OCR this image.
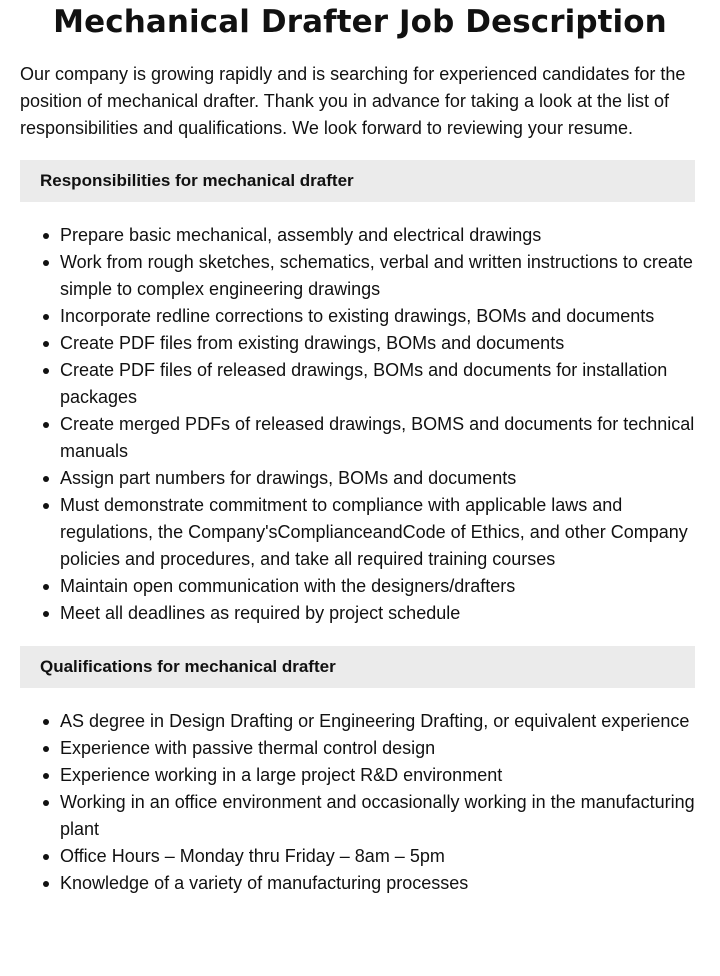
Mechanical Drafter Job Description

Our company is growing rapidly and is searching for experienced candidates for the position of mechanical drafter. Thank you in advance for taking a look at the list of responsibilities and qualifications. We look forward to reviewing your resume.

Responsibilities for mechanical drafter
Prepare basic mechanical, assembly and electrical drawings
Work from rough sketches, schematics, verbal and written instructions to create simple to complex engineering drawings
Incorporate redline corrections to existing drawings, BOMs and documents
Create PDF files from existing drawings, BOMs and documents
Create PDF files of released drawings, BOMs and documents for installation packages
Create merged PDFs of released drawings, BOMS and documents for technical manuals
Assign part numbers for drawings, BOMs and documents
Must demonstrate commitment to compliance with applicable laws and regulations, the Company'sComplianceandCode of Ethics, and other Company policies and procedures, and take all required training courses
Maintain open communication with the designers/drafters
Meet all deadlines as required by project schedule
Qualifications for mechanical drafter
AS degree in Design Drafting or Engineering Drafting, or equivalent experience
Experience with passive thermal control design
Experience working in a large project R&D environment
Working in an office environment and occasionally working in the manufacturing plant
Office Hours – Monday thru Friday – 8am – 5pm
Knowledge of a variety of manufacturing processes
